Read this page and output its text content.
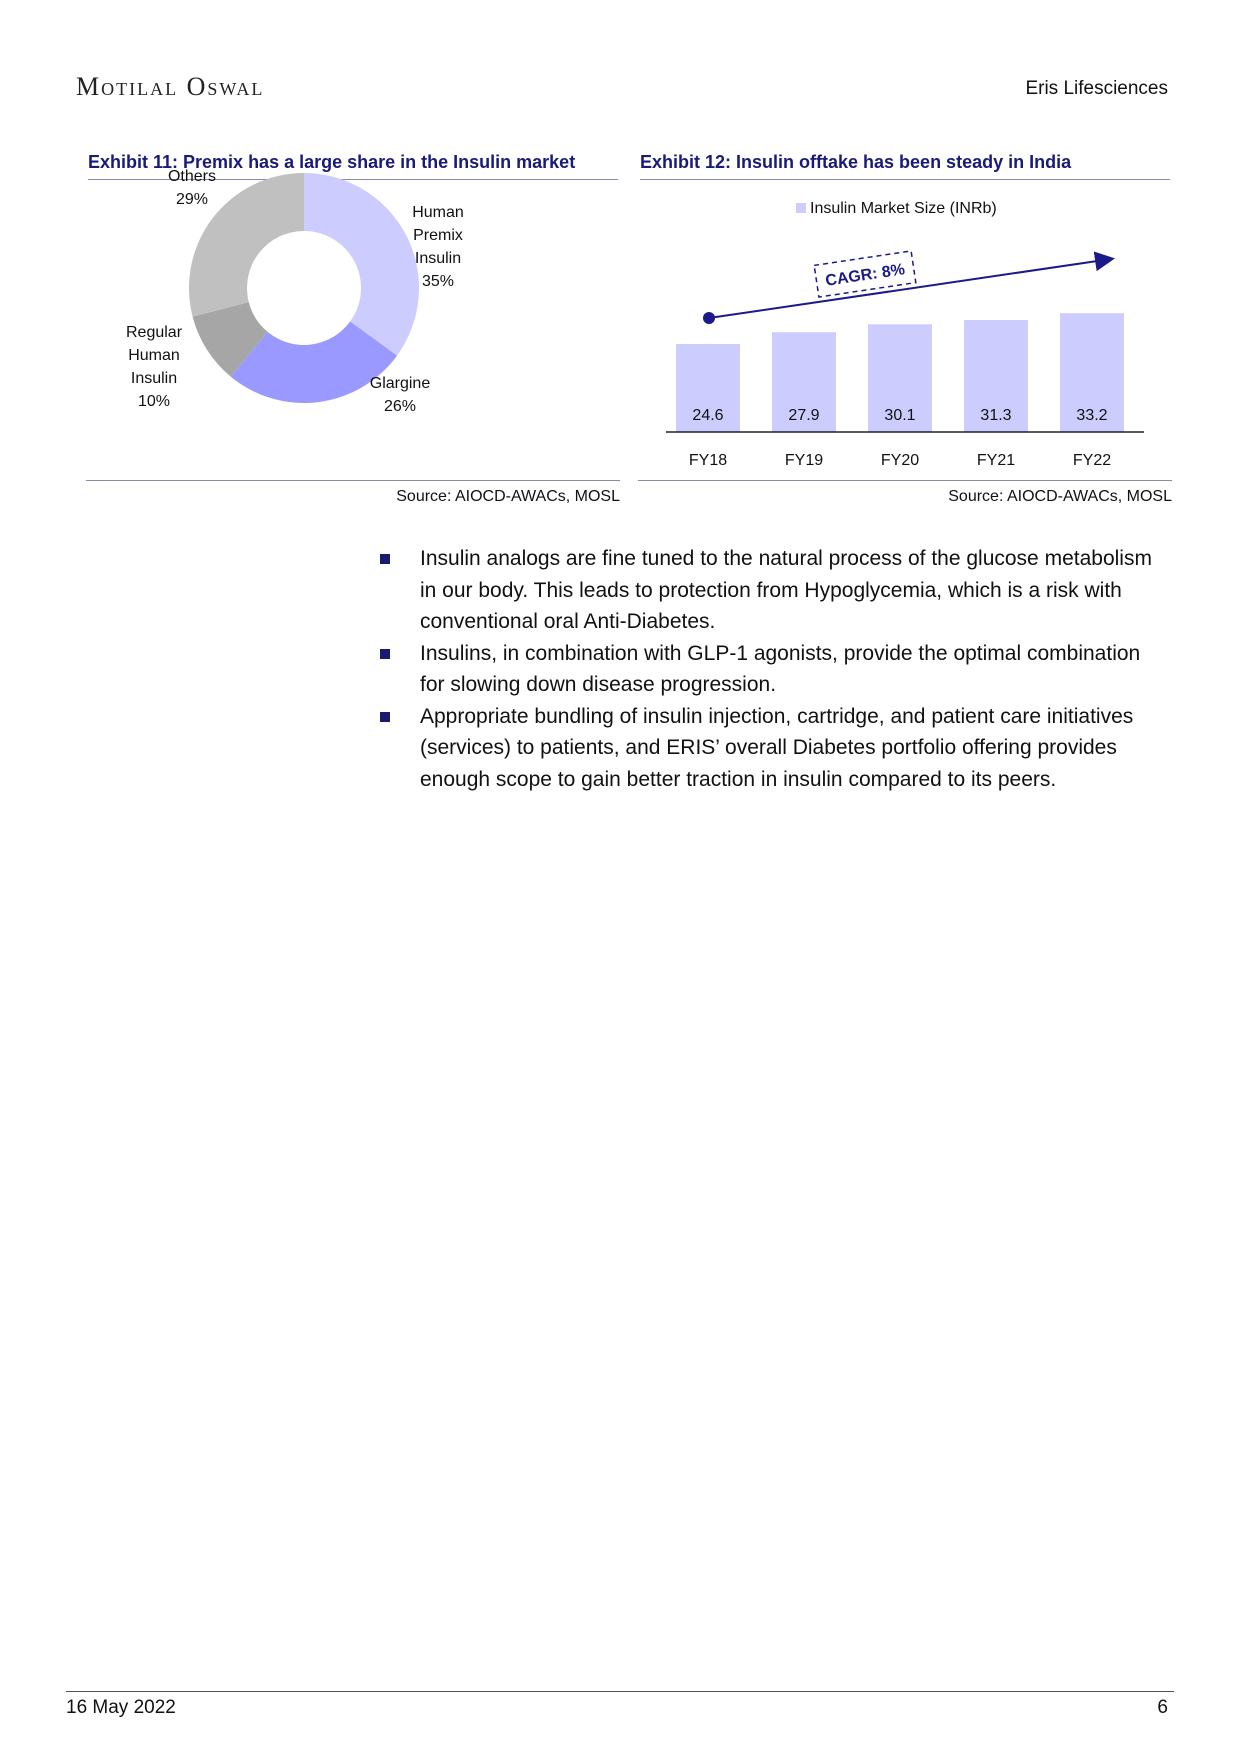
Motilal Oswal	Eris Lifesciences
Exhibit 11: Premix has a large share in the Insulin market	Exhibit 12: Insulin offtake has been steady in India
Human Premix Insulin 35%
Glargine 26%
Regular Human Insulin 10%
Others 29%
Insulin Market Size (INRb)
24.6
FY18
27.9
FY19
30.1
FY20
31.3
FY21
33.2
FY22
CAGR: 8%
Source: AIOCD-AWACs, MOSL	Source: AIOCD-AWACs, MOSL
Insulin analogs are fine tuned to the natural process of the glucose metabolism in our body. This leads to protection from Hypoglycemia, which is a risk with conventional oral Anti-Diabetes.
Insulins, in combination with GLP-1 agonists, provide the optimal combination for slowing down disease progression.
Appropriate bundling of insulin injection, cartridge, and patient care initiatives (services) to patients, and ERIS’ overall Diabetes portfolio offering provides enough scope to gain better traction in insulin compared to its peers.
16 May 2022	6
